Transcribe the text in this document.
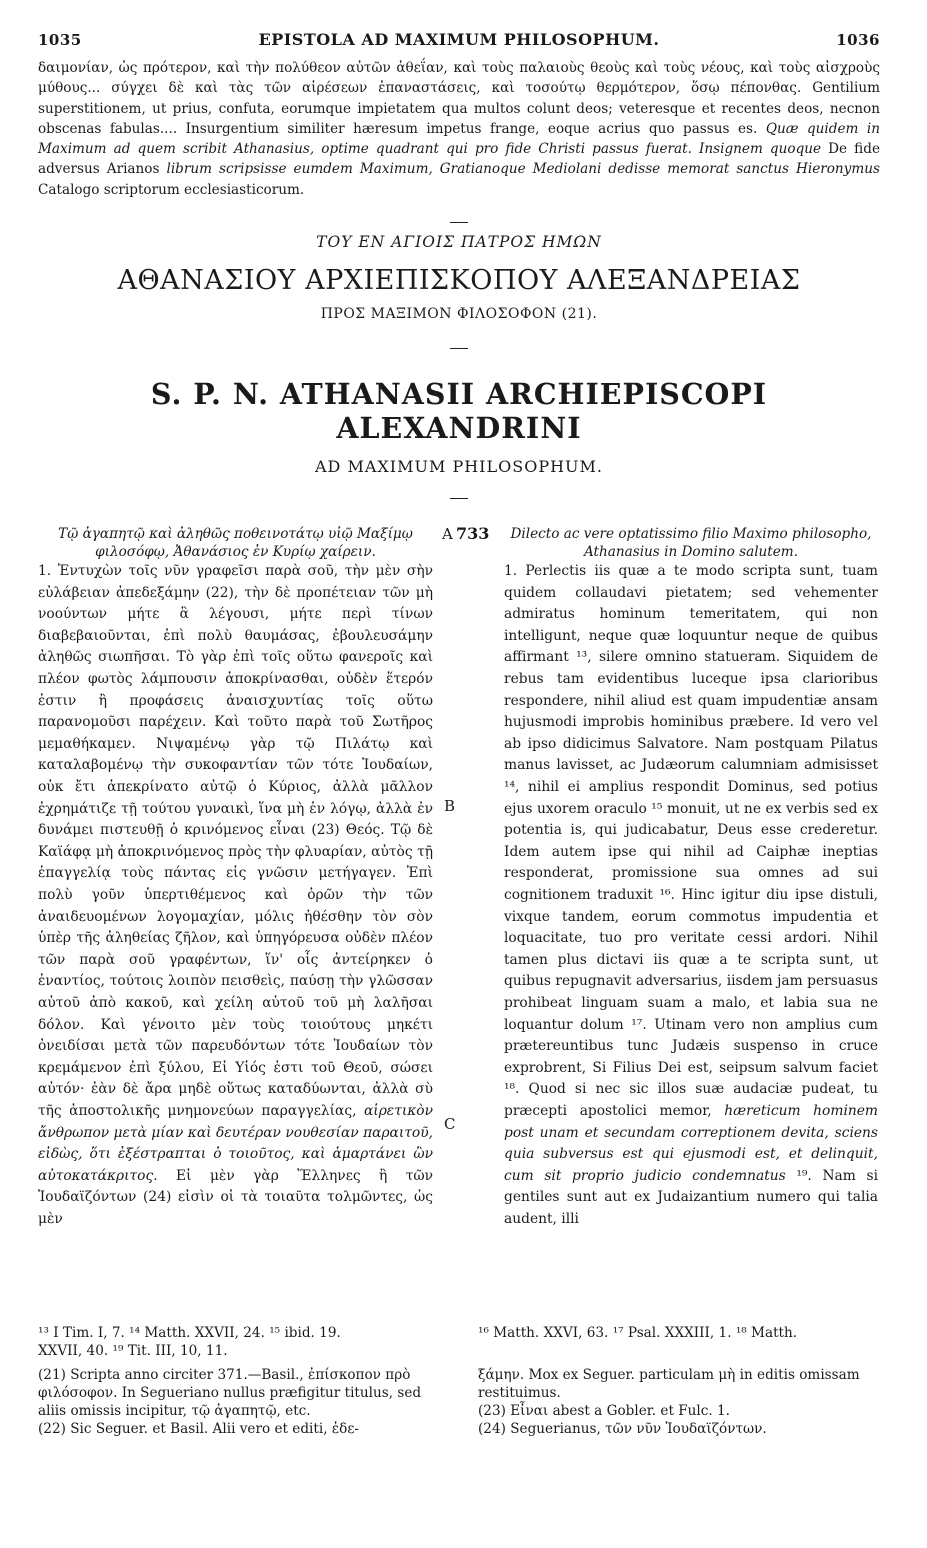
1035	EPISTOLA AD MAXIMUM PHILOSOPHUM.	1036

δαιμονίαν, ὡς πρότερον, καὶ τὴν πολύθεον αὐτῶν ἀθεΐαν, καὶ τοὺς παλαιοὺς θεοὺς καὶ τοὺς νέους, καὶ τοὺς αἰσχροὺς μύθους... σύγχει δὲ καὶ τὰς τῶν αἱρέσεων ἐπαναστάσεις, καὶ τοσούτῳ θερμότερον, ὅσῳ πέπονθας. Gentilium superstitionem, ut prius, confuta, eorumque impietatem qua multos colunt deos; veteresque et recentes deos, necnon obscenas fabulas.... Insurgentium similiter hæresum impetus frange, eoque acrius quo passus es. Quæ quidem in Maximum ad quem scribit Athanasius, optime quadrant qui pro fide Christi passus fuerat. Insignem quoque De fide adversus Arianos librum scripsisse eumdem Maximum, Gratianoque Mediolani dedisse memorat sanctus Hieronymus Catalogo scriptorum ecclesiasticorum.

ΤΟΥ ΕΝ ΑΓΙΟΙΣ ΠΑΤΡΟΣ ΗΜΩΝ
ΑΘΑΝΑΣΙΟΥ ΑΡΧΙΕΠΙΣΚΟΠΟΥ ΑΛΕΞΑΝΔΡΕΙΑΣ
ΠΡΟΣ ΜΑΞΙΜΟΝ ΦΙΛΟΣΟΦΟΝ (21).
S. P. N. ATHANASII ARCHIEPISCOPI ALEXANDRINI
AD MAXIMUM PHILOSOPHUM.

Τῷ ἀγαπητῷ καὶ ἀληθῶς ποθεινοτάτῳ υἱῷ Μαξίμῳ φιλοσόφῳ, Ἀθανάσιος ἐν Κυρίῳ χαίρειν.

1. Ἐντυχὼν τοῖς νῦν γραφεῖσι παρὰ σοῦ, τὴν μὲν σὴν εὐλάβειαν ἀπεδεξάμην (22), τὴν δὲ προπέτειαν τῶν μὴ νοούντων μήτε ἃ λέγουσι, μήτε περὶ τίνων διαβεβαιοῦνται, ἐπὶ πολὺ θαυμάσας, ἐβουλευσάμην ἀληθῶς σιωπῆσαι. Τὸ γὰρ ἐπὶ τοῖς οὕτω φανεροῖς καὶ πλέον φωτὸς λάμπουσιν ἀποκρίνασθαι, οὐδὲν ἕτερόν ἐστιν ἢ προφάσεις ἀναισχυντίας τοῖς οὕτω παρανομοῦσι παρέχειν. Καὶ τοῦτο παρὰ τοῦ Σωτῆρος μεμαθήκαμεν. Νιψαμένῳ γὰρ τῷ Πιλάτῳ καὶ καταλαβομένῳ τὴν συκοφαντίαν τῶν τότε Ἰουδαίων, οὐκ ἔτι ἀπεκρίνατο αὐτῷ ὁ Κύριος, ἀλλὰ μᾶλλον ἐχρημάτιζε τῇ τούτου γυναικὶ, ἵνα μὴ ἐν λόγῳ, ἀλλὰ ἐν δυνάμει πιστευθῇ ὁ κρινόμενος εἶναι (23) Θεός. Τῷ δὲ Καϊάφᾳ μὴ ἀποκρινόμενος πρὸς τὴν φλυαρίαν, αὐτὸς τῇ ἐπαγγελίᾳ τοὺς πάντας εἰς γνῶσιν μετήγαγεν. Ἐπὶ πολὺ γοῦν ὑπερτιθέμενος καὶ ὁρῶν τὴν τῶν ἀναιδευομένων λογομαχίαν, μόλις ἠθέσθην τὸν σὸν ὑπὲρ τῆς ἀληθείας ζῆλον, καὶ ὑπηγόρευσα οὐδὲν πλέον τῶν παρὰ σοῦ γραφέντων, ἵν' οἷς ἀντείρηκεν ὁ ἐναντίος, τούτοις λοιπὸν πεισθεὶς, παύσῃ τὴν γλῶσσαν αὐτοῦ ἀπὸ κακοῦ, καὶ χείλη αὐτοῦ τοῦ μὴ λαλῆσαι δόλον. Καὶ γένοιτο μὲν τοὺς τοιούτους μηκέτι ὀνειδίσαι μετὰ τῶν παρευδόντων τότε Ἰουδαίων τὸν κρεμάμενον ἐπὶ ξύλου, Εἰ Υἱός ἐστι τοῦ Θεοῦ, σώσει αὐτόν· ἐὰν δὲ ἄρα μηδὲ οὕτως καταδύωνται, ἀλλὰ σὺ τῆς ἀποστολικῆς μνημονεύων παραγγελίας, αἱρετικὸν ἄνθρωπον μετὰ μίαν καὶ δευτέραν νουθεσίαν παραιτοῦ, εἰδὼς, ὅτι ἐξέστραπται ὁ τοιοῦτος, καὶ ἁμαρτάνει ὢν αὐτοκατάκριτος. Εἰ μὲν γὰρ Ἕλληνες ἢ τῶν Ἰουδαϊζόντων (24) εἰσὶν οἱ τὰ τοιαῦτα τολμῶντες, ὡς μὲν

A 733
B
C

Dilecto ac vere optatissimo filio Maximo philosopho, Athanasius in Domino salutem.

1. Perlectis iis quæ a te modo scripta sunt, tuam quidem collaudavi pietatem; sed vehementer admiratus hominum temeritatem, qui non intelligunt, neque quæ loquuntur neque de quibus affirmant ¹³, silere omnino statueram. Siquidem de rebus tam evidentibus luceque ipsa clarioribus respondere, nihil aliud est quam impudentiæ ansam hujusmodi improbis hominibus præbere. Id vero vel ab ipso didicimus Salvatore. Nam postquam Pilatus manus lavisset, ac Judæorum calumniam admisisset ¹⁴, nihil ei amplius respondit Dominus, sed potius ejus uxorem oraculo ¹⁵ monuit, ut ne ex verbis sed ex potentia is, qui judicabatur, Deus esse crederetur. Idem autem ipse qui nihil ad Caiphæ ineptias responderat, promissione sua omnes ad sui cognitionem traduxit ¹⁶. Hinc igitur diu ipse distuli, vixque tandem, eorum commotus impudentia et loquacitate, tuo pro veritate cessi ardori. Nihil tamen plus dictavi iis quæ a te scripta sunt, ut quibus repugnavit adversarius, iisdem jam persuasus prohibeat linguam suam a malo, et labia sua ne loquantur dolum ¹⁷. Utinam vero non amplius cum prætereuntibus tunc Judæis suspenso in cruce exprobrent, Si Filius Dei est, seipsum salvum faciet ¹⁸. Quod si nec sic illos suæ audaciæ pudeat, tu præcepti apostolici memor, hæreticum hominem post unam et secundam correptionem devita, sciens quia subversus est qui ejusmodi est, et delinquit, cum sit proprio judicio condemnatus ¹⁹. Nam si gentiles sunt aut ex Judaizantium numero qui talia audent, illi

¹³ I Tim. I, 7. ¹⁴ Matth. XXVII, 24. ¹⁵ ibid. 19.

XXVII, 40. ¹⁹ Tit. III, 10, 11.

(21) Scripta anno circiter 371.—Basil., ἐπίσκοπον πρὸ φιλόσοφον. In Segueriano nullus præfigitur titulus, sed aliis omissis incipitur, τῷ ἀγαπητῷ, etc.

(22) Sic Seguer. et Basil. Alii vero et editi, ἐδε-

¹⁶ Matth. XXVI, 63. ¹⁷ Psal. XXXIII, 1. ¹⁸ Matth.

ξάμην. Mox ex Seguer. particulam μὴ in editis omissam restituimus.

(23) Εἶναι abest a Gobler. et Fulc. 1.

(24) Seguerianus, τῶν νῦν Ἰουδαϊζόντων.
